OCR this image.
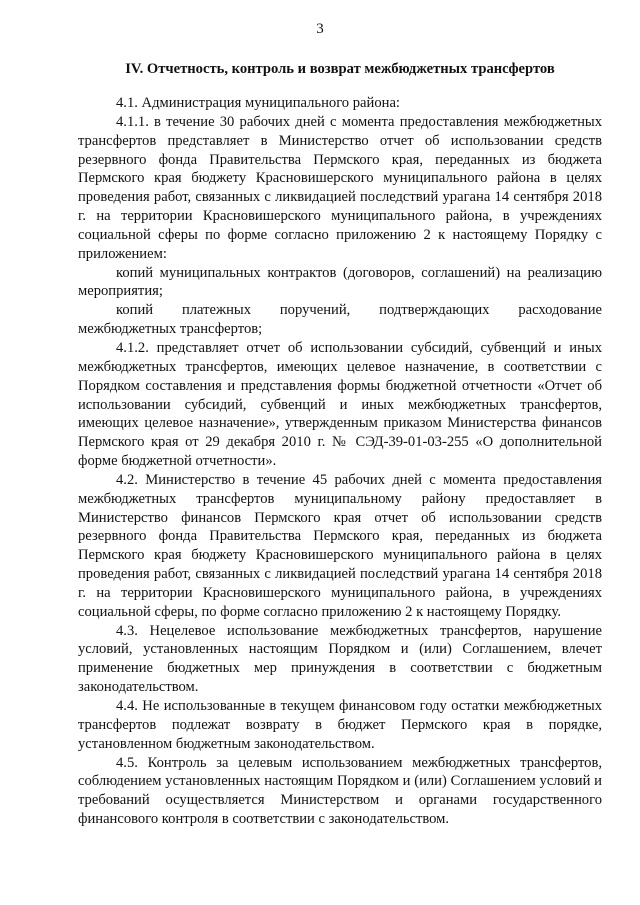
3
IV. Отчетность, контроль и возврат межбюджетных трансфертов

4.1. Администрация муниципального района:

4.1.1. в течение 30 рабочих дней с момента предоставления межбюджетных трансфертов представляет в Министерство отчет об использовании средств резервного фонда Правительства Пермского края, переданных из бюджета Пермского края бюджету Красновишерского муниципального района в целях проведения работ, связанных с ликвидацией последствий урагана 14 сентября 2018 г. на территории Красновишерского муниципального района, в учреждениях социальной сферы по форме согласно приложению 2 к настоящему Порядку с приложением:

копий муниципальных контрактов (договоров, соглашений) на реализацию мероприятия;

копий платежных поручений, подтверждающих расходование межбюджетных трансфертов;

4.1.2. представляет отчет об использовании субсидий, субвенций и иных межбюджетных трансфертов, имеющих целевое назначение, в соответствии с Порядком составления и представления формы бюджетной отчетности «Отчет об использовании субсидий, субвенций и иных межбюджетных трансфертов, имеющих целевое назначение», утвержденным приказом Министерства финансов Пермского края от 29 декабря 2010 г. № СЭД-39-01-03-255 «О дополнительной форме бюджетной отчетности».

4.2. Министерство в течение 45 рабочих дней с момента предоставления межбюджетных трансфертов муниципальному району предоставляет в Министерство финансов Пермского края отчет об использовании средств резервного фонда Правительства Пермского края, переданных из бюджета Пермского края бюджету Красновишерского муниципального района в целях проведения работ, связанных с ликвидацией последствий урагана 14 сентября 2018 г. на территории Красновишерского муниципального района, в учреждениях социальной сферы, по форме согласно приложению 2 к настоящему Порядку.

4.3. Нецелевое использование межбюджетных трансфертов, нарушение условий, установленных настоящим Порядком и (или) Соглашением, влечет применение бюджетных мер принуждения в соответствии с бюджетным законодательством.

4.4. Не использованные в текущем финансовом году остатки межбюджетных трансфертов подлежат возврату в бюджет Пермского края в порядке, установленном бюджетным законодательством.

4.5. Контроль за целевым использованием межбюджетных трансфертов, соблюдением установленных настоящим Порядком и (или) Соглашением условий и требований осуществляется Министерством и органами государственного финансового контроля в соответствии с законодательством.
